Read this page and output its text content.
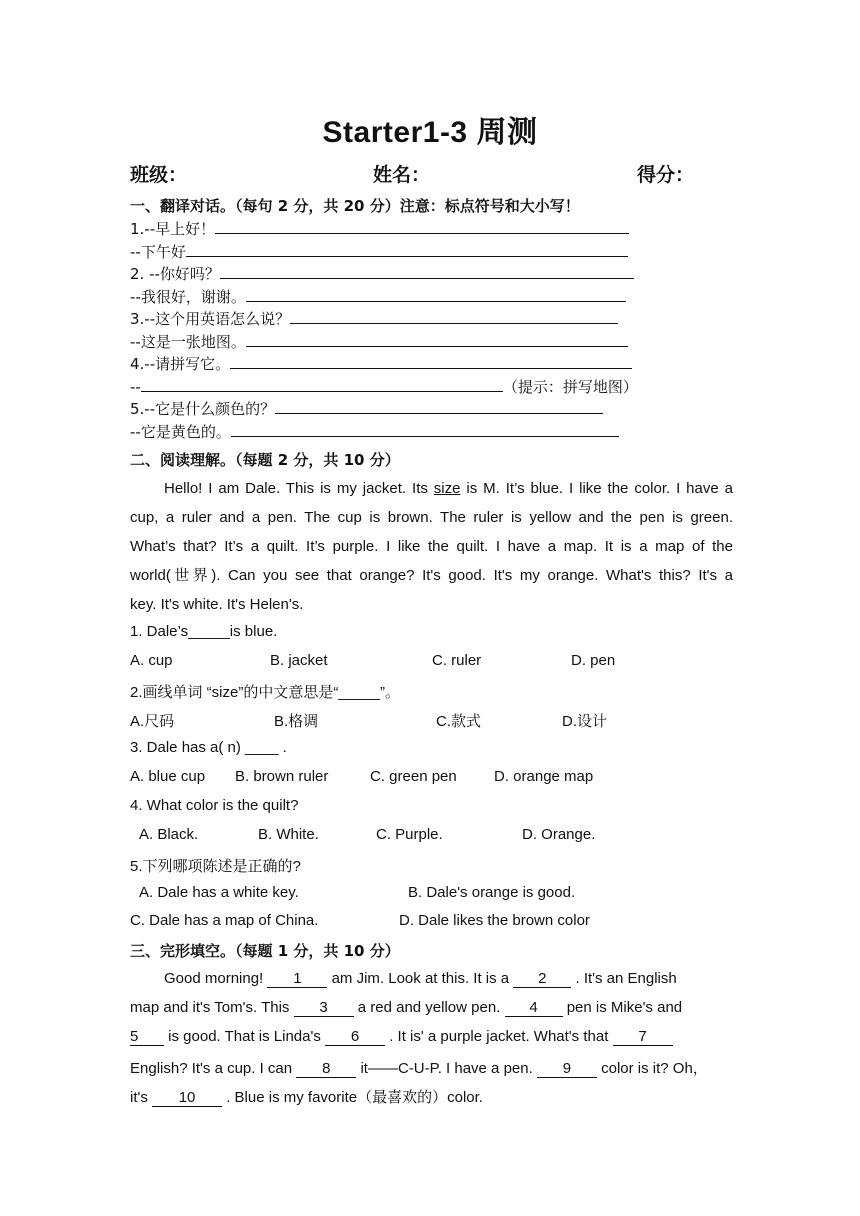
Starter1-3 周测
班级：	姓名：	得分：
一、翻译对话。（每句 2 分，共 20 分）注意：标点符号和大小写！
1.--早上好！
--下午好
2. --你好吗？
--我很好，谢谢。
3.--这个用英语怎么说？
--这是一张地图。
4.--请拼写它。
--	（提示：拼写地图）
5.--它是什么颜色的？
--它是黄色的。
二、阅读理解。（每题 2 分，共 10 分）
Hello! I am Dale. This is my jacket. Its size is M. It’s blue. I like the color. I have a
cup, a ruler and a pen. The cup is brown. The ruler is yellow and the pen is green.
What’s that? It’s a quilt. It’s purple. I like the quilt. I have a map. It is a map of the
world(世界). Can you see that orange? It's good. It's my orange. What's this? It's a
key. It's white. It's Helen's.
1. Dale’s_____is blue.
A. cup	B. jacket	C. ruler	D. pen
2.画线单词 “size”的中文意思是“_____”。
A.尺码	B.格调	C.款式	D.设计
3. Dale has a( n) ____ .
A. blue cup B. brown ruler	C. green pen D. orange map
4. What color is the quilt?
A. Black.	B. White.	C. Purple.	D. Orange.
5.下列哪项陈述是正确的?
A. Dale has a white key.	B. Dale's orange is good.
C. Dale has a map of China.	D. Dale likes the brown color
三、完形填空。（每题 1 分，共 10 分）
Good morning! 1 am Jim. Look at this. It is a 2 . It's an English
map and it's Tom's. This 3 a red and yellow pen. 4 pen is Mike's and
5 is good. That is Linda's 6 . It is' a purple jacket. What's that 7
English? It's a cup. I can 8 it——C-U-P. I have a pen. 9 color is it? Oh，
it's 10 . Blue is my favorite（最喜欢的）color.
